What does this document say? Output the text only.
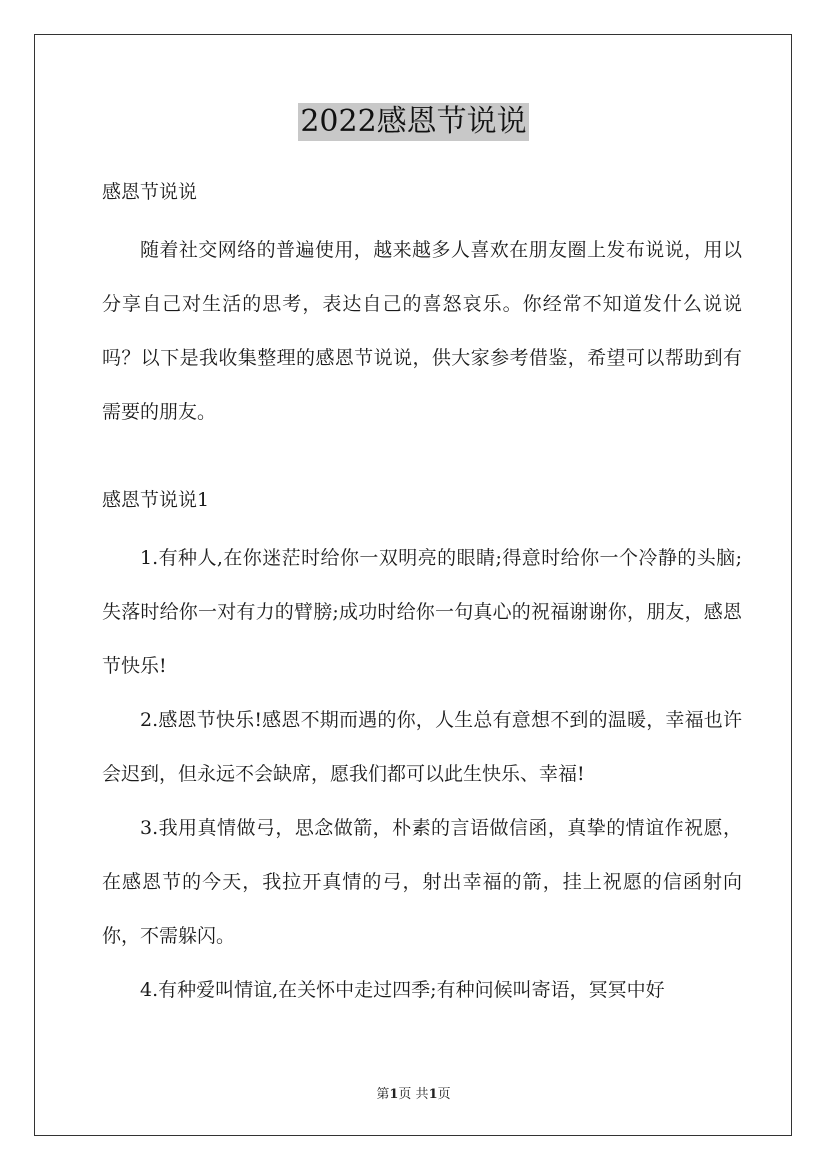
2022感恩节说说

感恩节说说

随着社交网络的普遍使用，越来越多人喜欢在朋友圈上发布说说，用以分享自己对生活的思考，表达自己的喜怒哀乐。你经常不知道发什么说说吗？以下是我收集整理的感恩节说说，供大家参考借鉴，希望可以帮助到有需要的朋友。

感恩节说说1

1.有种人,在你迷茫时给你一双明亮的眼睛;得意时给你一个冷静的头脑;失落时给你一对有力的臂膀;成功时给你一句真心的祝福谢谢你，朋友，感恩节快乐!

2.感恩节快乐!感恩不期而遇的你，人生总有意想不到的温暖，幸福也许会迟到，但永远不会缺席，愿我们都可以此生快乐、幸福!

3.我用真情做弓，思念做箭，朴素的言语做信函，真挚的情谊作祝愿，在感恩节的今天，我拉开真情的弓，射出幸福的箭，挂上祝愿的信函射向你，不需躲闪。

4.有种爱叫情谊,在关怀中走过四季;有种问候叫寄语，冥冥中好

第1页 共1页
